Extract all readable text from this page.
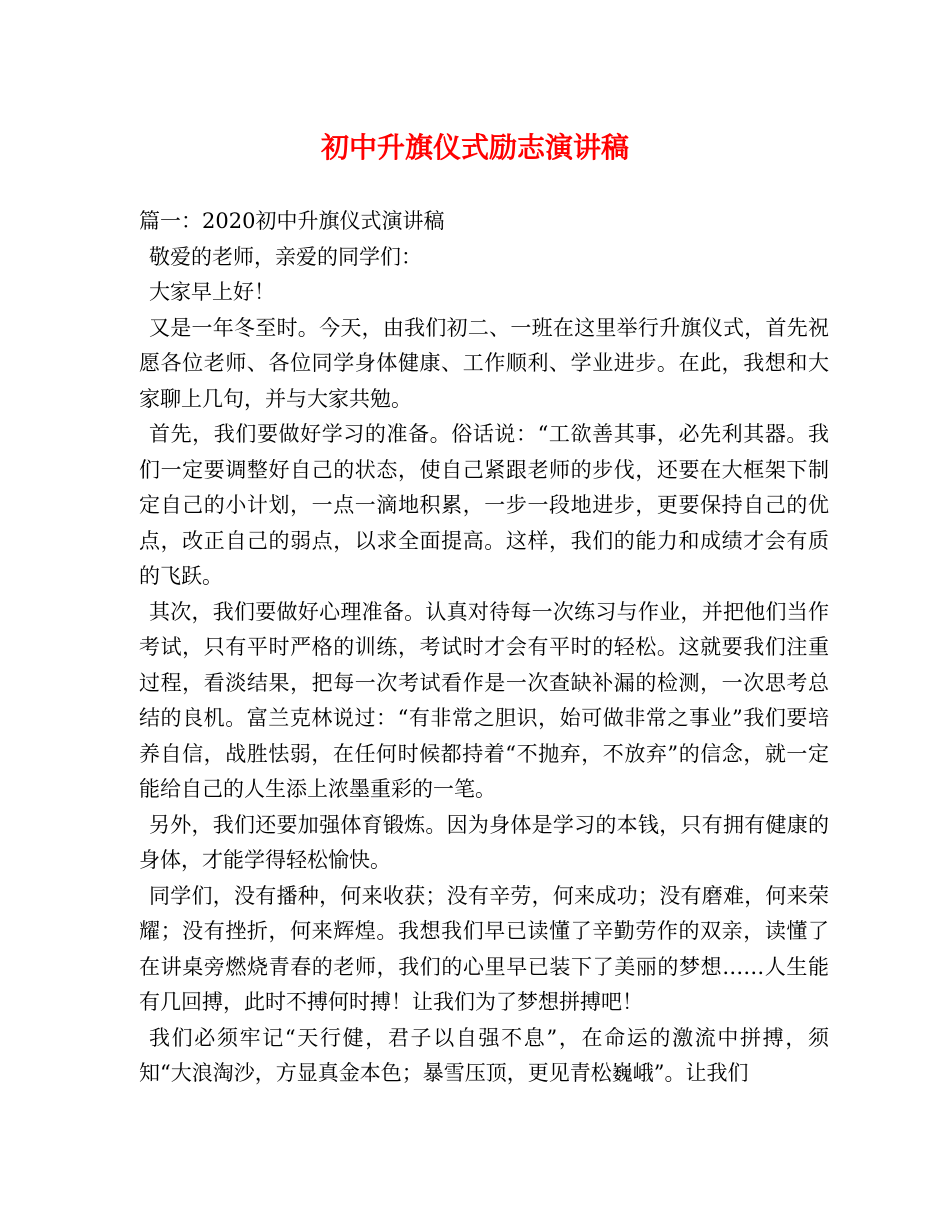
初中升旗仪式励志演讲稿

篇一：2020初中升旗仪式演讲稿

敬爱的老师，亲爱的同学们：

大家早上好！

又是一年冬至时。今天，由我们初二、一班在这里举行升旗仪式，首先祝愿各位老师、各位同学身体健康、工作顺利、学业进步。在此，我想和大家聊上几句，并与大家共勉。

首先，我们要做好学习的准备。俗话说：“工欲善其事，必先利其器。我们一定要调整好自己的状态，使自己紧跟老师的步伐，还要在大框架下制定自己的小计划，一点一滴地积累，一步一段地进步，更要保持自己的优点，改正自己的弱点，以求全面提高。这样，我们的能力和成绩才会有质的飞跃。

其次，我们要做好心理准备。认真对待每一次练习与作业，并把他们当作考试，只有平时严格的训练，考试时才会有平时的轻松。这就要我们注重过程，看淡结果，把每一次考试看作是一次查缺补漏的检测，一次思考总结的良机。富兰克林说过：“有非常之胆识，始可做非常之事业”我们要培养自信，战胜怯弱，在任何时候都持着“不抛弃，不放弃”的信念，就一定能给自己的人生添上浓墨重彩的一笔。

另外，我们还要加强体育锻炼。因为身体是学习的本钱，只有拥有健康的身体，才能学得轻松愉快。

同学们，没有播种，何来收获；没有辛劳，何来成功；没有磨难，何来荣耀；没有挫折，何来辉煌。我想我们早已读懂了辛勤劳作的双亲，读懂了在讲桌旁燃烧青春的老师，我们的心里早已装下了美丽的梦想……人生能有几回搏，此时不搏何时搏！让我们为了梦想拼搏吧！

我们必须牢记“天行健，君子以自强不息”，在命运的激流中拼搏，须知“大浪淘沙，方显真金本色；暴雪压顶，更见青松巍峨”。让我们
